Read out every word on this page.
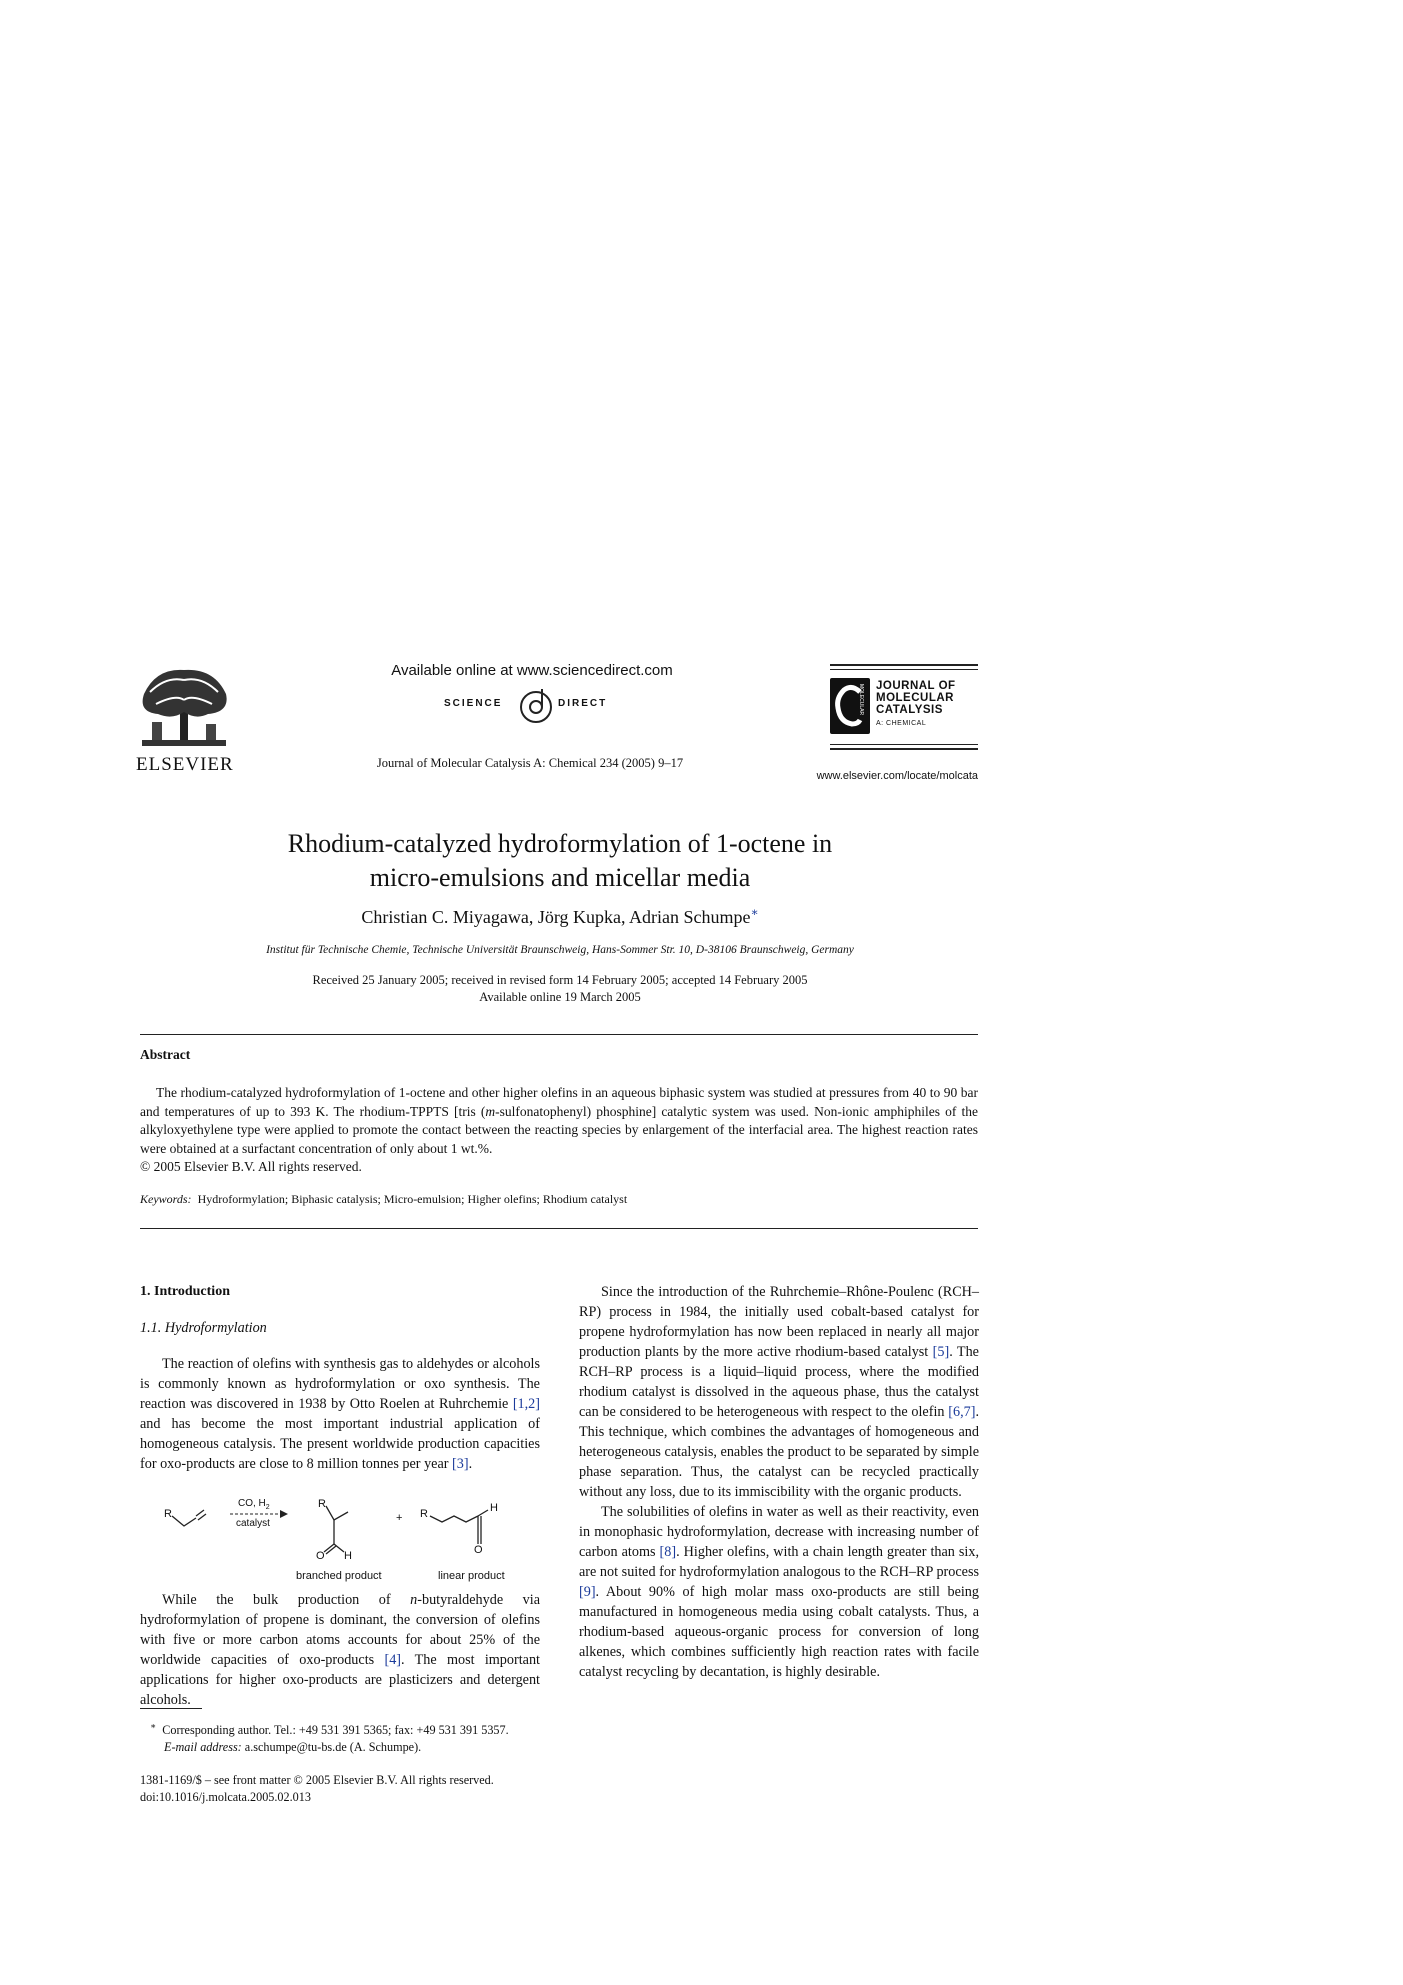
ELSEVIER
Available online at www.sciencedirect.com
SCIENCE	DIRECT
Journal of Molecular Catalysis A: Chemical 234 (2005) 9–17
MOLECULAR JOURNAL OF
MOLECULAR
CATALYSIS
A: CHEMICAL
www.elsevier.com/locate/molcata
Rhodium-catalyzed hydroformylation of 1-octene in
micro-emulsions and micellar media
Christian C. Miyagawa, Jörg Kupka, Adrian Schumpe∗
Institut für Technische Chemie, Technische Universität Braunschweig, Hans-Sommer Str. 10, D-38106 Braunschweig, Germany
Received 25 January 2005; received in revised form 14 February 2005; accepted 14 February 2005
Available online 19 March 2005
Abstract

The rhodium-catalyzed hydroformylation of 1-octene and other higher olefins in an aqueous biphasic system was studied at pressures from 40 to 90 bar and temperatures of up to 393 K. The rhodium-TPPTS [tris (m-sulfonatophenyl) phosphine] catalytic system was used. Non-ionic amphiphiles of the alkyloxyethylene type were applied to promote the contact between the reacting species by enlargement of the interfacial area. The highest reaction rates were obtained at a surfactant concentration of only about 1 wt.%.

© 2005 Elsevier B.V. All rights reserved.

Keywords: Hydroformylation; Biphasic catalysis; Micro-emulsion; Higher olefins; Rhodium catalyst
1. Introduction
1.1. Hydroformylation

The reaction of olefins with synthesis gas to aldehydes or alcohols is commonly known as hydroformylation or oxo synthesis. The reaction was discovered in 1938 by Otto Roelen at Ruhrchemie [1,2] and has become the most important industrial application of homogeneous catalysis. The present worldwide production capacities for oxo-products are close to 8 million tonnes per year [3].

R
CO, $H_2$
catalyst
R
O H
+ R	H
O
branched product	linear product

While the bulk production of n-butyraldehyde via hydroformylation of propene is dominant, the conversion of olefins with five or more carbon atoms accounts for about 25% of the worldwide capacities of oxo-products [4]. The most important applications for higher oxo-products are plasticizers and detergent alcohols.

∗ Corresponding author. Tel.: +49 531 391 5365; fax: +49 531 391 5357.
E-mail address: a.schumpe@tu-bs.de (A. Schumpe).
1381-1169/$ – see front matter © 2005 Elsevier B.V. All rights reserved.
doi:10.1016/j.molcata.2005.02.013

Since the introduction of the Ruhrchemie–Rhône-Poulenc (RCH–RP) process in 1984, the initially used cobalt-based catalyst for propene hydroformylation has now been replaced in nearly all major production plants by the more active rhodium-based catalyst [5]. The RCH–RP process is a liquid–liquid process, where the modified rhodium catalyst is dissolved in the aqueous phase, thus the catalyst can be considered to be heterogeneous with respect to the olefin [6,7]. This technique, which combines the advantages of homogeneous and heterogeneous catalysis, enables the product to be separated by simple phase separation. Thus, the catalyst can be recycled practically without any loss, due to its immiscibility with the organic products.

The solubilities of olefins in water as well as their reactivity, even in monophasic hydroformylation, decrease with increasing number of carbon atoms [8]. Higher olefins, with a chain length greater than six, are not suited for hydroformylation analogous to the RCH–RP process [9]. About 90% of high molar mass oxo-products are still being manufactured in homogeneous media using cobalt catalysts. Thus, a rhodium-based aqueous-organic process for conversion of long alkenes, which combines sufficiently high reaction rates with facile catalyst recycling by decantation, is highly desirable.
